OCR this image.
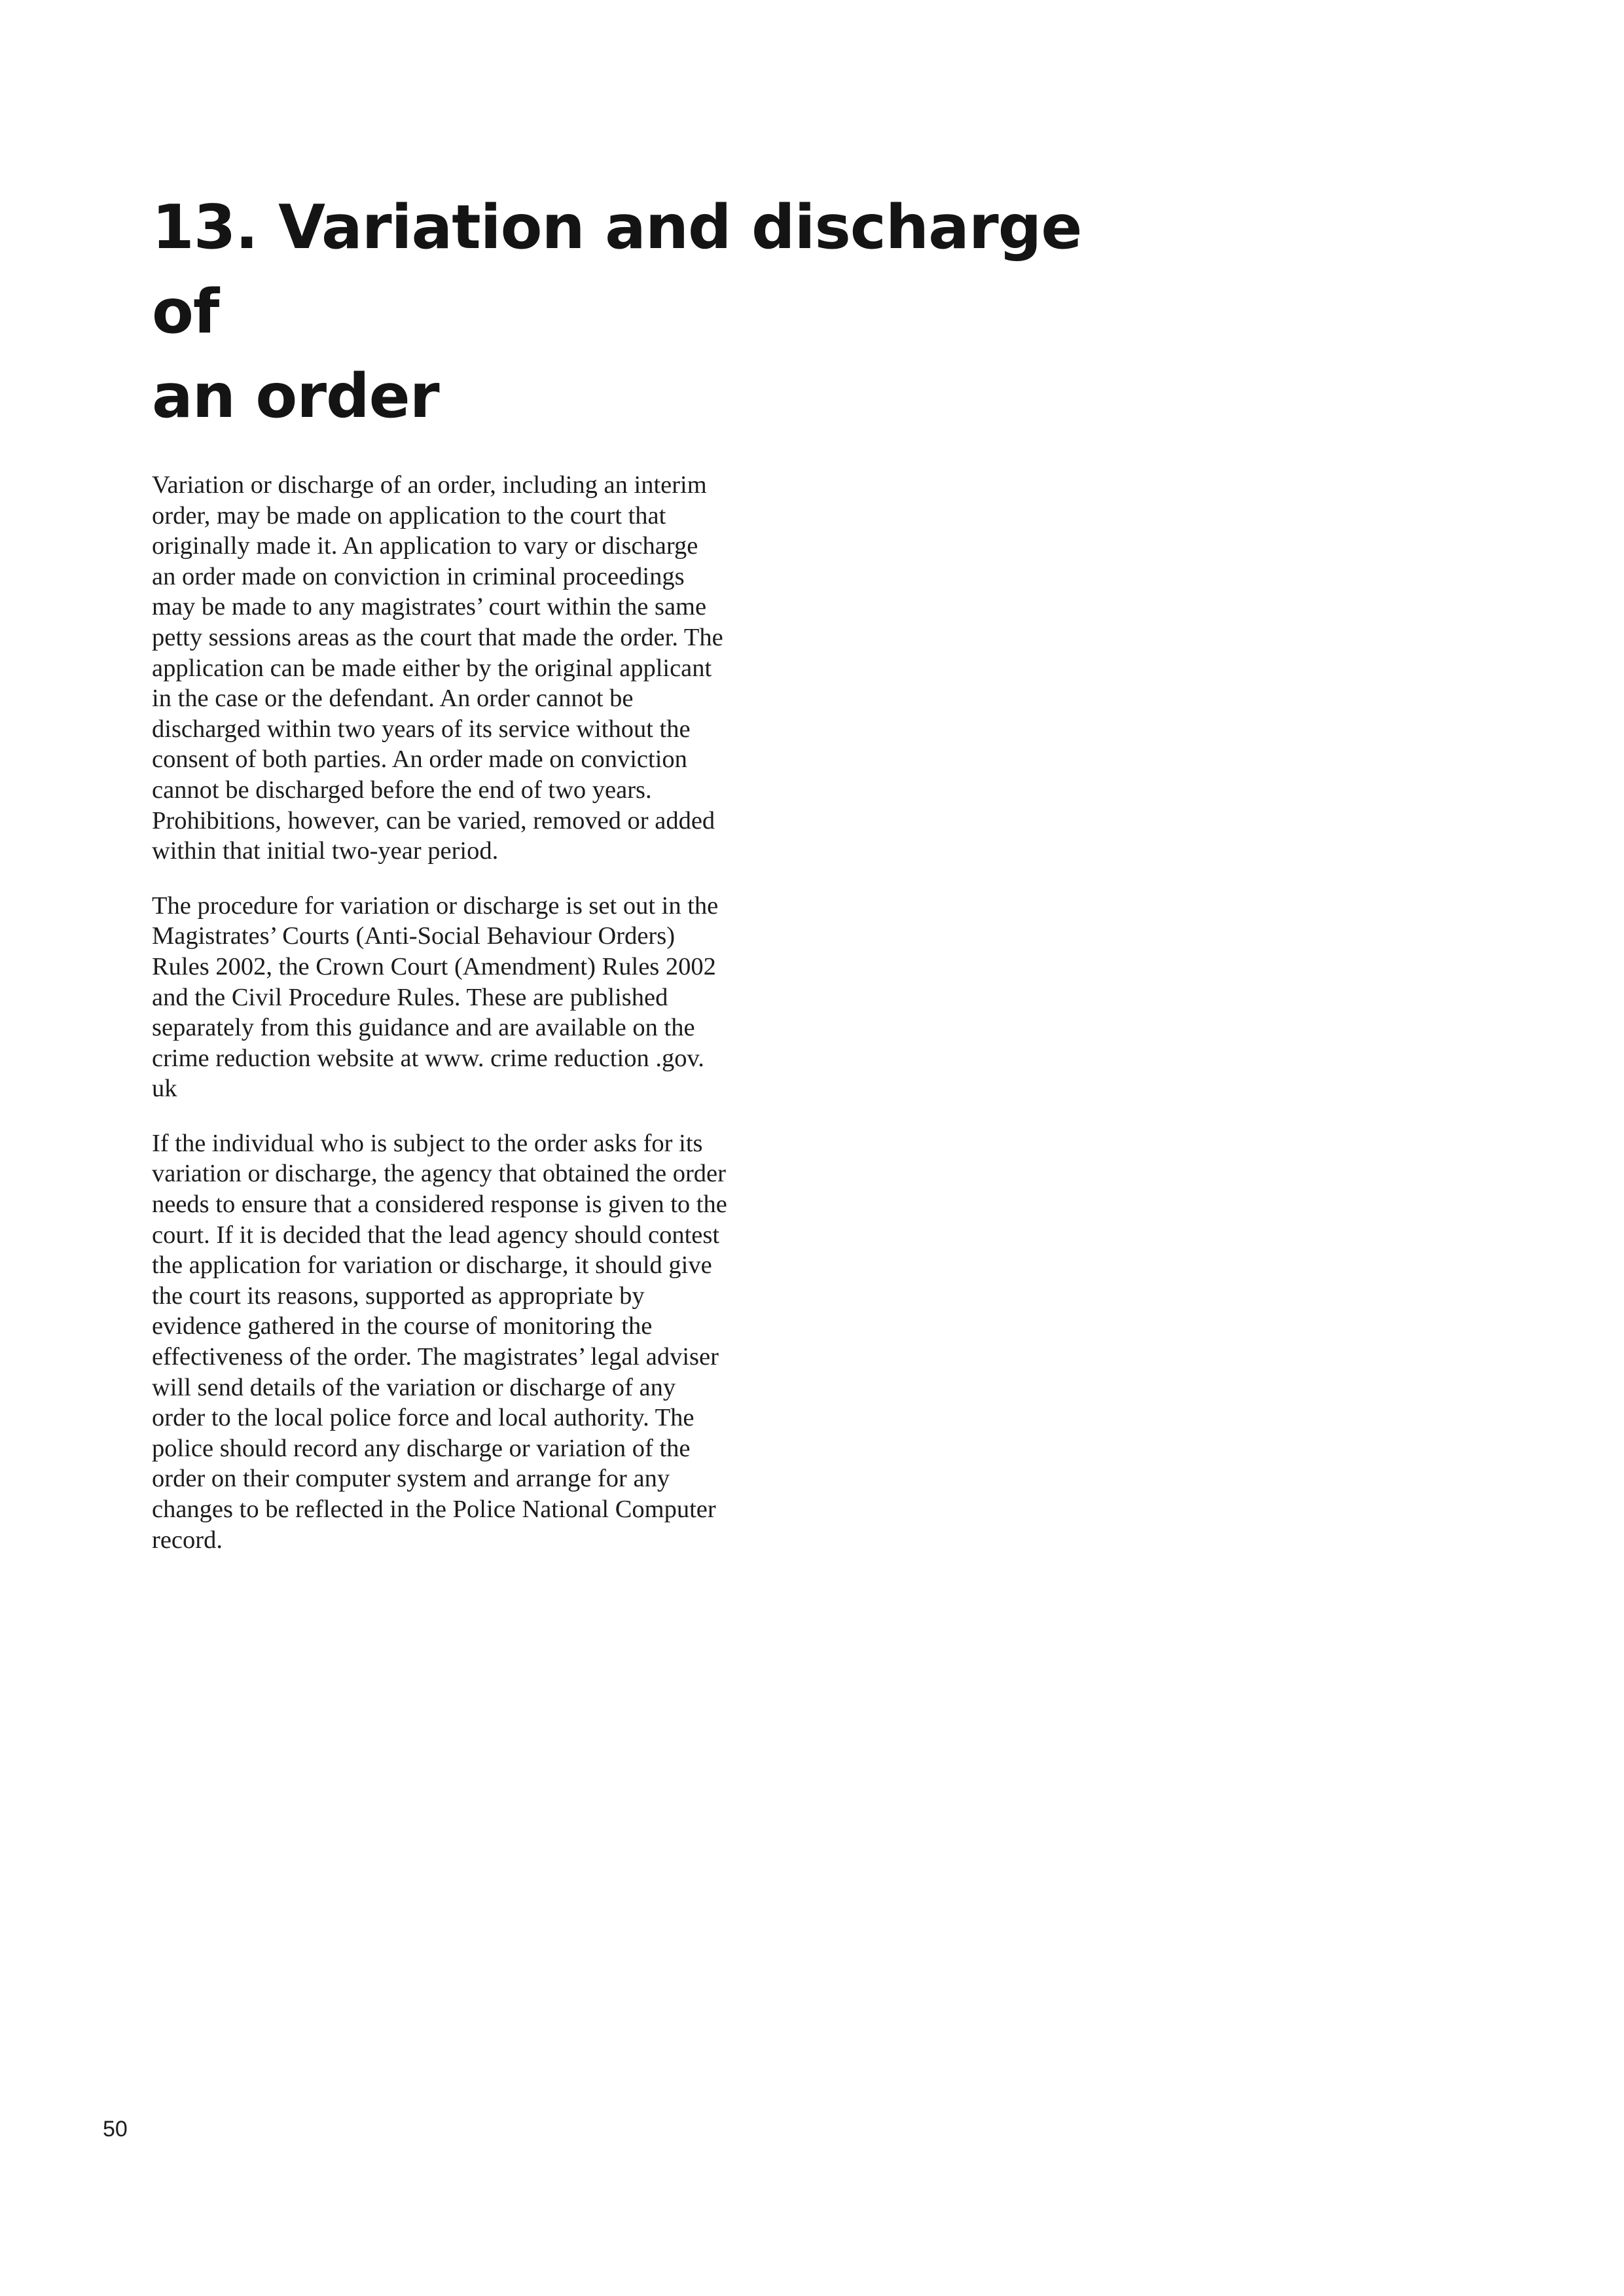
13. Variation and discharge of
an order

Variation or discharge of an order, including an interim order, may be made on application to the court that originally made it. An application to vary or discharge an order made on conviction in criminal proceedings may be made to any magistrates’ court within the same petty sessions areas as the court that made the order. The application can be made either by the original applicant in the case or the defendant. An order cannot be discharged within two years of its service without the consent of both parties. An order made on conviction cannot be discharged before the end of two years. Prohibitions, however, can be varied, removed or added within that initial two-year period.

The procedure for variation or discharge is set out in the Magistrates’ Courts (Anti-Social Behaviour Orders) Rules 2002, the Crown Court (Amendment) Rules 2002 and the Civil Procedure Rules. These are published separately from this guidance and are available on the crime reduction website at www. crime reduction .gov. uk

If the individual who is subject to the order asks for its variation or discharge, the agency that obtained the order needs to ensure that a considered response is given to the court. If it is decided that the lead agency should contest the application for variation or discharge, it should give the court its reasons, supported as appropriate by evidence gathered in the course of monitoring the effectiveness of the order. The magistrates’ legal adviser will send details of the variation or discharge of any order to the local police force and local authority. The police should record any discharge or variation of the order on their computer system and arrange for any changes to be reflected in the Police National Computer record.

50
